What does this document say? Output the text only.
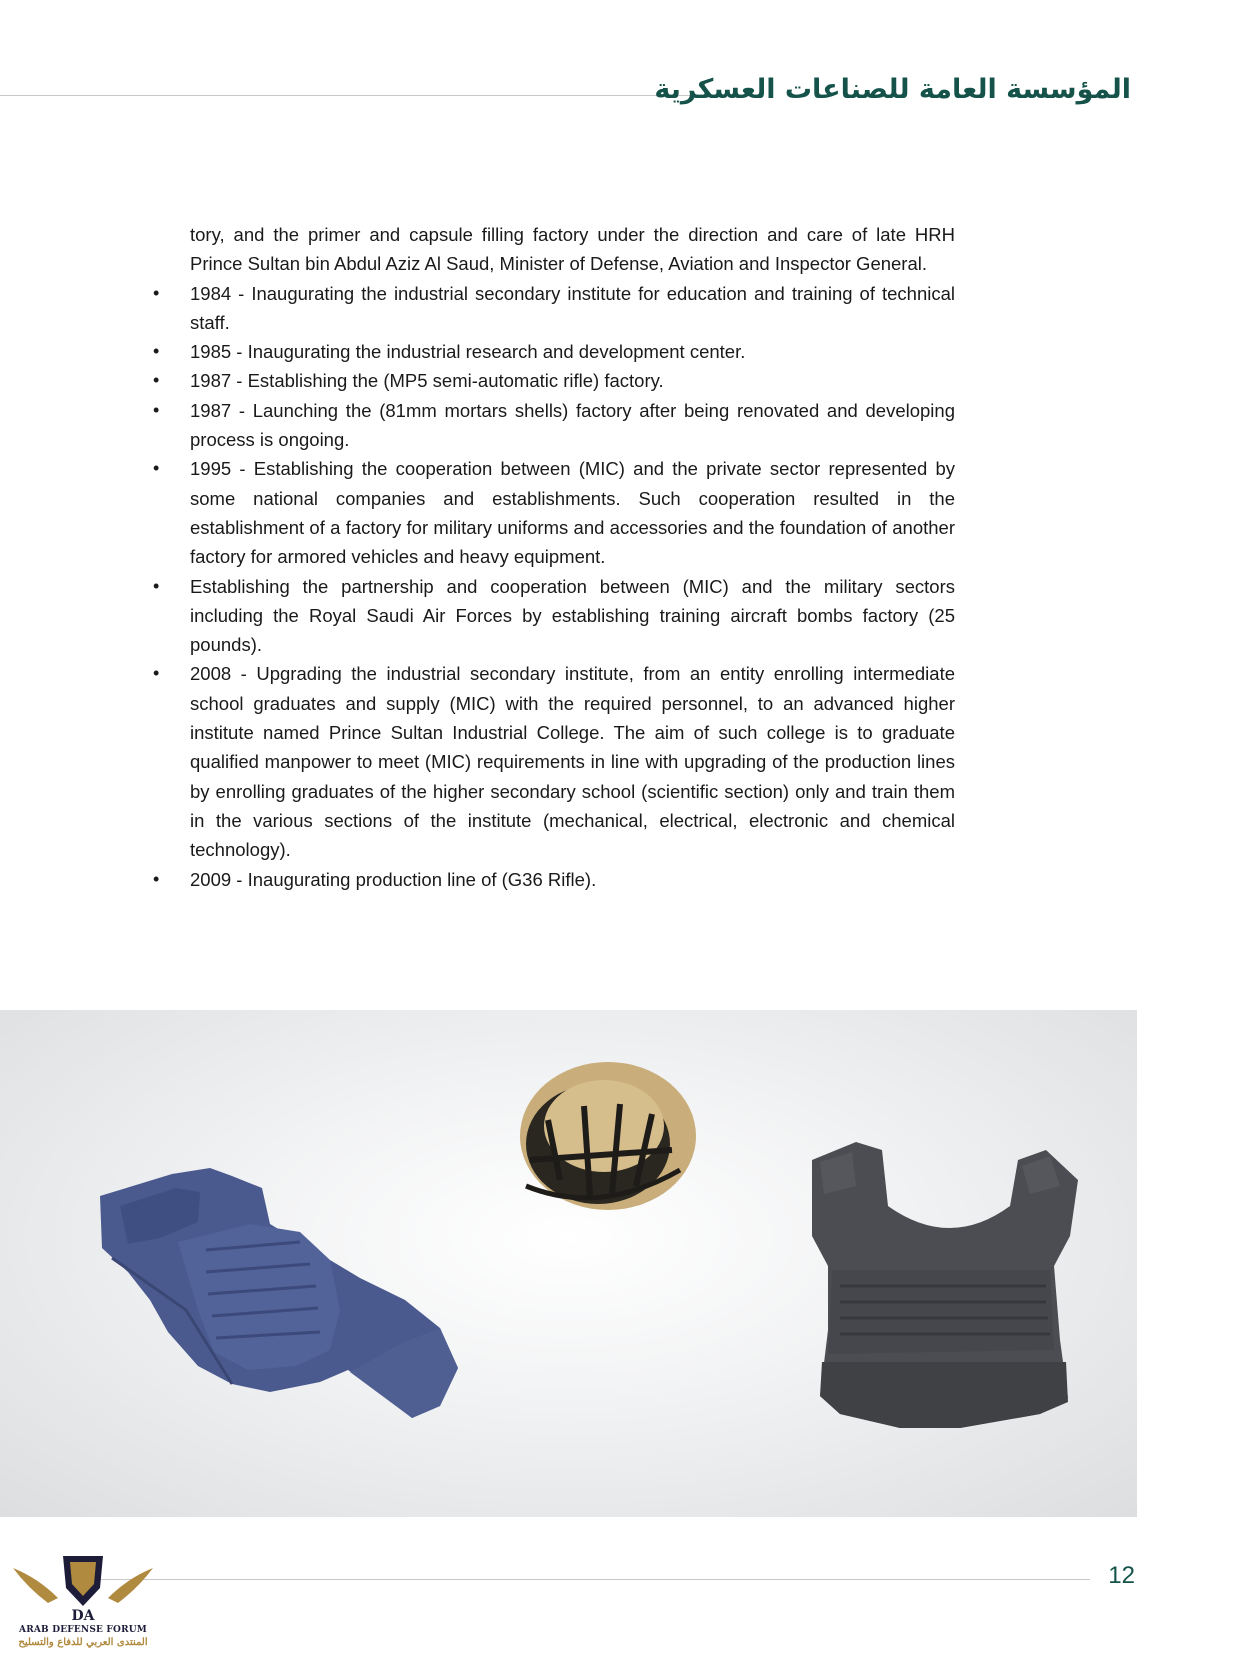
المؤسسة العامة للصناعات العسكرية

tory, and the primer and capsule filling factory under the direction and care of late HRH Prince Sultan bin Abdul Aziz Al Saud, Minister of Defense, Aviation and Inspector General.

• 1984 - Inaugurating the industrial secondary institute for education and training of technical staff.
• 1985 - Inaugurating the industrial research and development center.
• 1987 - Establishing the (MP5 semi-automatic rifle) factory.
• 1987 - Launching the (81mm mortars shells) factory after being renovated and developing process is ongoing.
• 1995 - Establishing the cooperation between (MIC) and the private sector represented by some national companies and establishments. Such cooperation resulted in the establishment of a factory for military uniforms and accessories and the foundation of another factory for armored vehicles and heavy equipment.
• Establishing the partnership and cooperation between (MIC) and the military sectors including the Royal Saudi Air Forces by establishing training aircraft bombs factory (25 pounds).
• 2008 - Upgrading the industrial secondary institute, from an entity enrolling intermediate school graduates and supply (MIC) with the required personnel, to an advanced higher institute named Prince Sultan Industrial College. The aim of such college is to graduate qualified manpower to meet (MIC) requirements in line with upgrading of the production lines by enrolling graduates of the higher secondary school (scientific section) only and train them in the various sections of the institute (mechanical, electrical, electronic and chemical technology).
• 2009 - Inaugurating production line of (G36 Rifle).
12
DA
ARAB DEFENSE FORUM
المنتدى العربي للدفاع والتسليح
